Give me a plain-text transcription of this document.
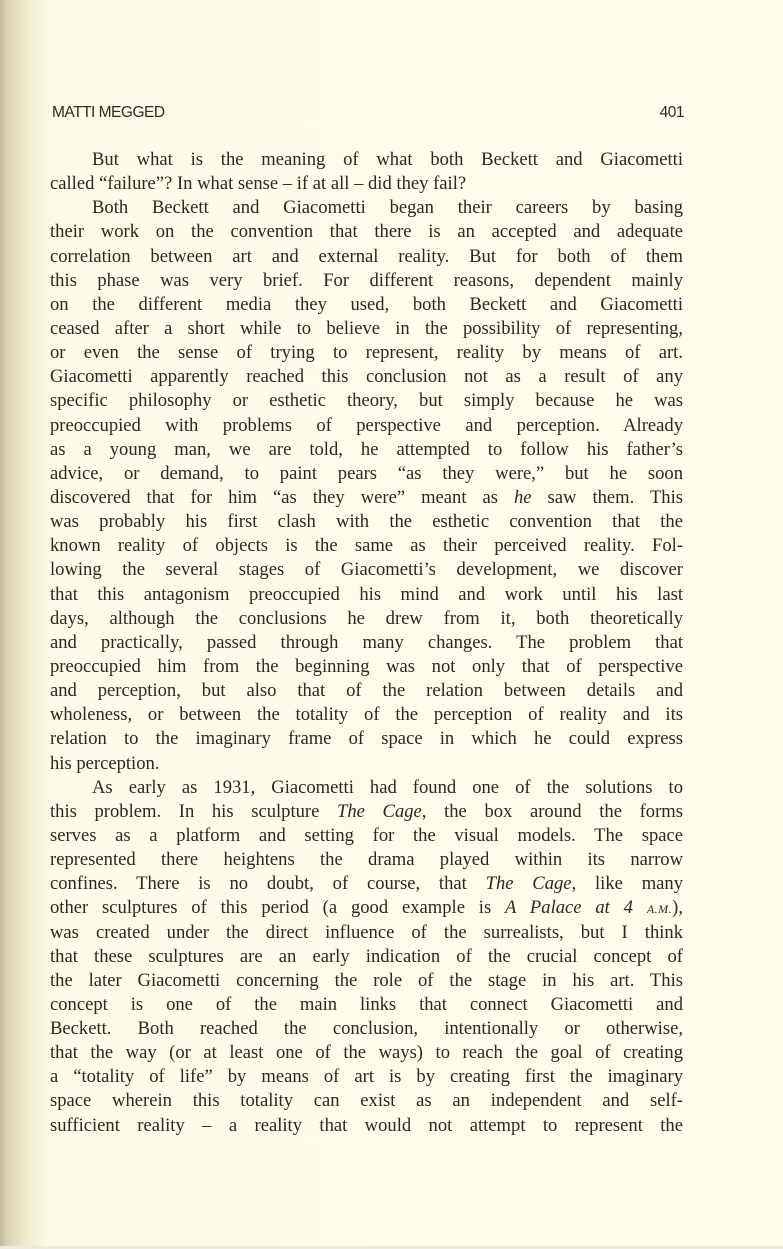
MATTI MEGGED	401

But what is the meaning of what both Beckett and Giacometti
called “failure”? In what sense – if at all – did they fail?

Both Beckett and Giacometti began their careers by basing
their work on the convention that there is an accepted and adequate
correlation between art and external reality. But for both of them
this phase was very brief. For different reasons, dependent mainly
on the different media they used, both Beckett and Giacometti
ceased after a short while to believe in the possibility of representing,
or even the sense of trying to represent, reality by means of art.
Giacometti apparently reached this conclusion not as a result of any
specific philosophy or esthetic theory, but simply because he was
preoccupied with problems of perspective and perception. Already
as a young man, we are told, he attempted to follow his father’s
advice, or demand, to paint pears “as they were,” but he soon
discovered that for him “as they were” meant as he saw them. This
was probably his first clash with the esthetic convention that the
known reality of objects is the same as their perceived reality. Fol-
lowing the several stages of Giacometti’s development, we discover
that this antagonism preoccupied his mind and work until his last
days, although the conclusions he drew from it, both theoretically
and practically, passed through many changes. The problem that
preoccupied him from the beginning was not only that of perspective
and perception, but also that of the relation between details and
wholeness, or between the totality of the perception of reality and its
relation to the imaginary frame of space in which he could express
his perception.

As early as 1931, Giacometti had found one of the solutions to
this problem. In his sculpture The Cage, the box around the forms
serves as a platform and setting for the visual models. The space
represented there heightens the drama played within its narrow
confines. There is no doubt, of course, that The Cage, like many
other sculptures of this period (a good example is A Palace at 4 A.M.),
was created under the direct influence of the surrealists, but I think
that these sculptures are an early indication of the crucial concept of
the later Giacometti concerning the role of the stage in his art. This
concept is one of the main links that connect Giacometti and
Beckett. Both reached the conclusion, intentionally or otherwise,
that the way (or at least one of the ways) to reach the goal of creating
a “totality of life” by means of art is by creating first the imaginary
space wherein this totality can exist as an independent and self-
sufficient reality – a reality that would not attempt to represent the
